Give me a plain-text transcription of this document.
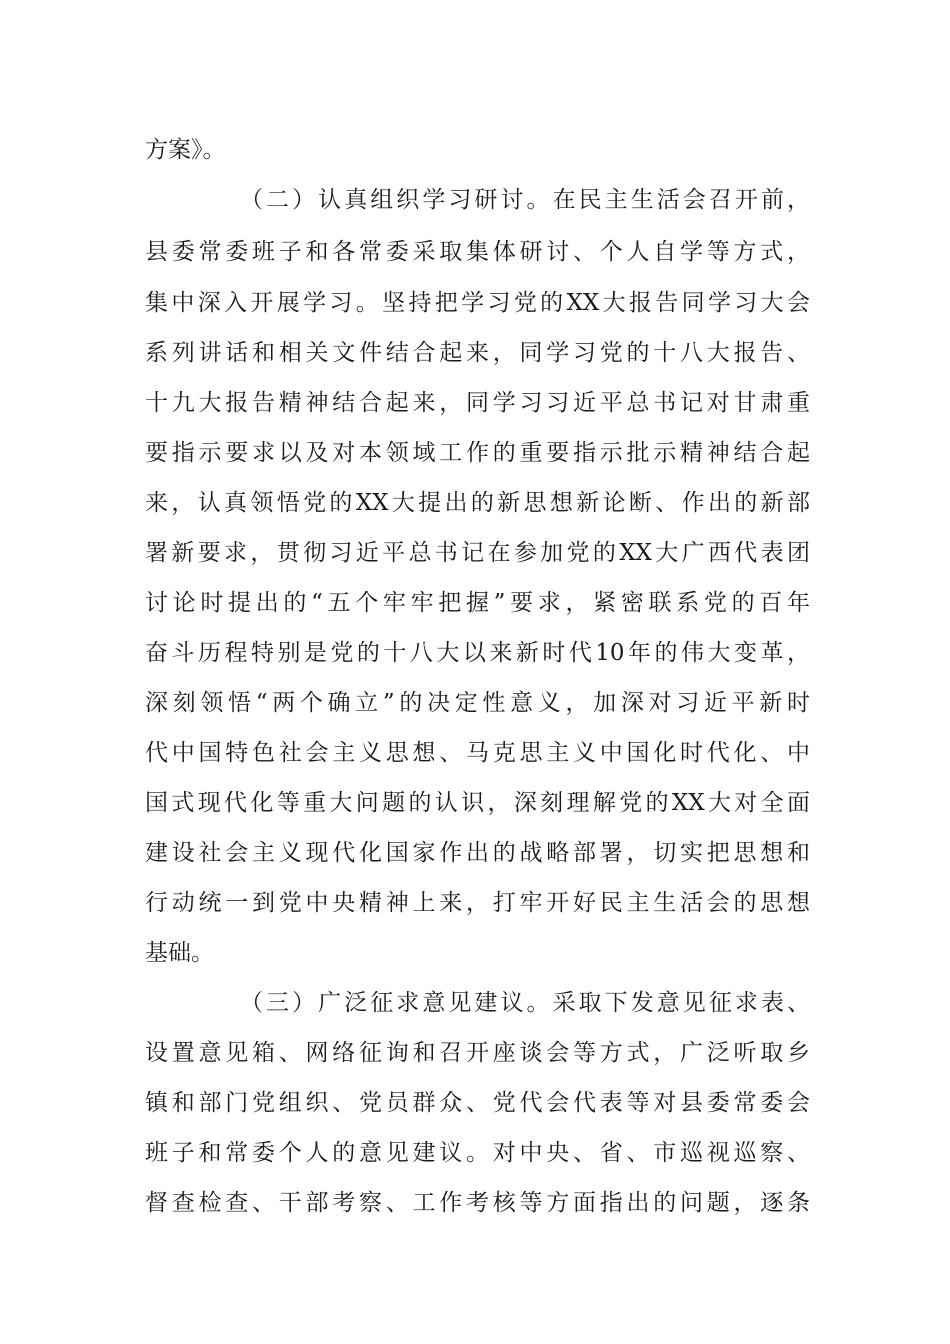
方案》。
（二）认真组织学习研讨。在民主生活会召开前，
县委常委班子和各常委采取集体研讨、个人自学等方式，
集中深入开展学习。坚持把学习党的XX大报告同学习大会
系列讲话和相关文件结合起来，同学习党的十八大报告、
十九大报告精神结合起来，同学习习近平总书记对甘肃重
要指示要求以及对本领域工作的重要指示批示精神结合起
来，认真领悟党的XX大提出的新思想新论断、作出的新部
署新要求，贯彻习近平总书记在参加党的XX大广西代表团
讨论时提出的“五个牢牢把握”要求，紧密联系党的百年
奋斗历程特别是党的十八大以来新时代10年的伟大变革，
深刻领悟“两个确立”的决定性意义，加深对习近平新时
代中国特色社会主义思想、马克思主义中国化时代化、中
国式现代化等重大问题的认识，深刻理解党的XX大对全面
建设社会主义现代化国家作出的战略部署，切实把思想和
行动统一到党中央精神上来，打牢开好民主生活会的思想
基础。
（三）广泛征求意见建议。采取下发意见征求表、
设置意见箱、网络征询和召开座谈会等方式，广泛听取乡
镇和部门党组织、党员群众、党代会代表等对县委常委会
班子和常委个人的意见建议。对中央、省、市巡视巡察、
督查检查、干部考察、工作考核等方面指出的问题，逐条
